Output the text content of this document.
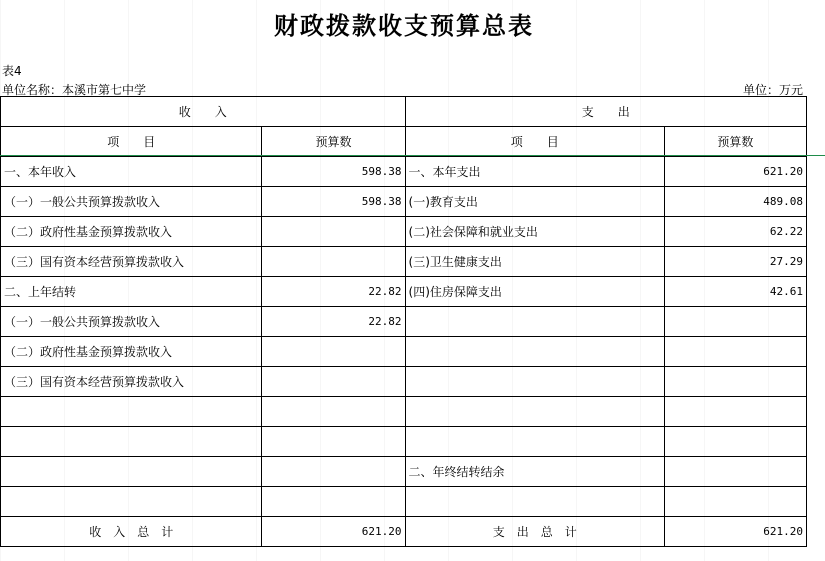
财政拨款收支预算总表
表4
单位名称：本溪市第七中学	单位：万元
收　　入		支　　出	
项　　目	预算数	项　　目	预算数
一、本年收入	598.38	一、本年支出	621.20
（一）一般公共预算拨款收入	598.38	(一)教育支出	489.08
（二）政府性基金预算拨款收入		(二)社会保障和就业支出	62.22
（三）国有资本经营预算拨款收入		(三)卫生健康支出	27.29
二、上年结转	22.82	(四)住房保障支出	42.61
（一）一般公共预算拨款收入	22.82		
（二）政府性基金预算拨款收入			
（三）国有资本经营预算拨款收入			

		二、年终结转结余	

收　入　总　计	621.20	支　出　总　计	621.20
